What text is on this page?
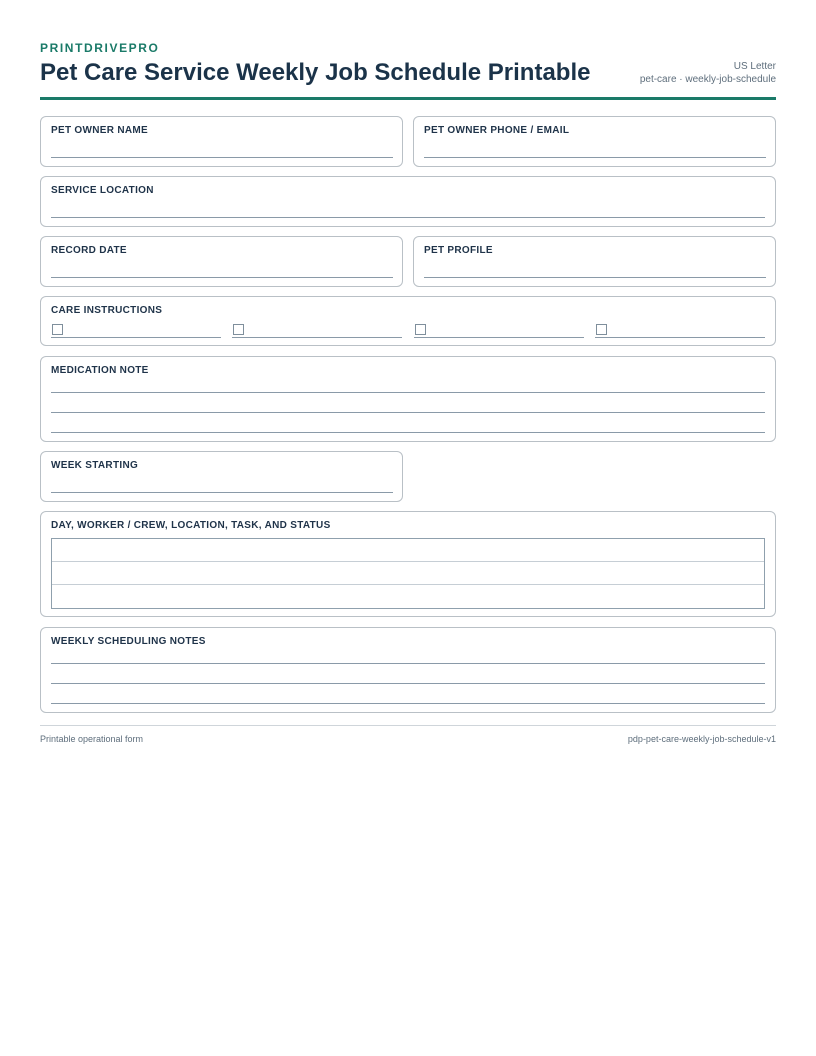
PRINTDRIVEPRO
Pet Care Service Weekly Job Schedule Printable	US Letter
pet-care · weekly-job-schedule
PET OWNER NAME	PET OWNER PHONE / EMAIL
SERVICE LOCATION
RECORD DATE	PET PROFILE
CARE INSTRUCTIONS
MEDICATION NOTE
WEEK STARTING
DAY, WORKER / CREW, LOCATION, TASK, AND STATUS
WEEKLY SCHEDULING NOTES
Printable operational form	pdp-pet-care-weekly-job-schedule-v1
